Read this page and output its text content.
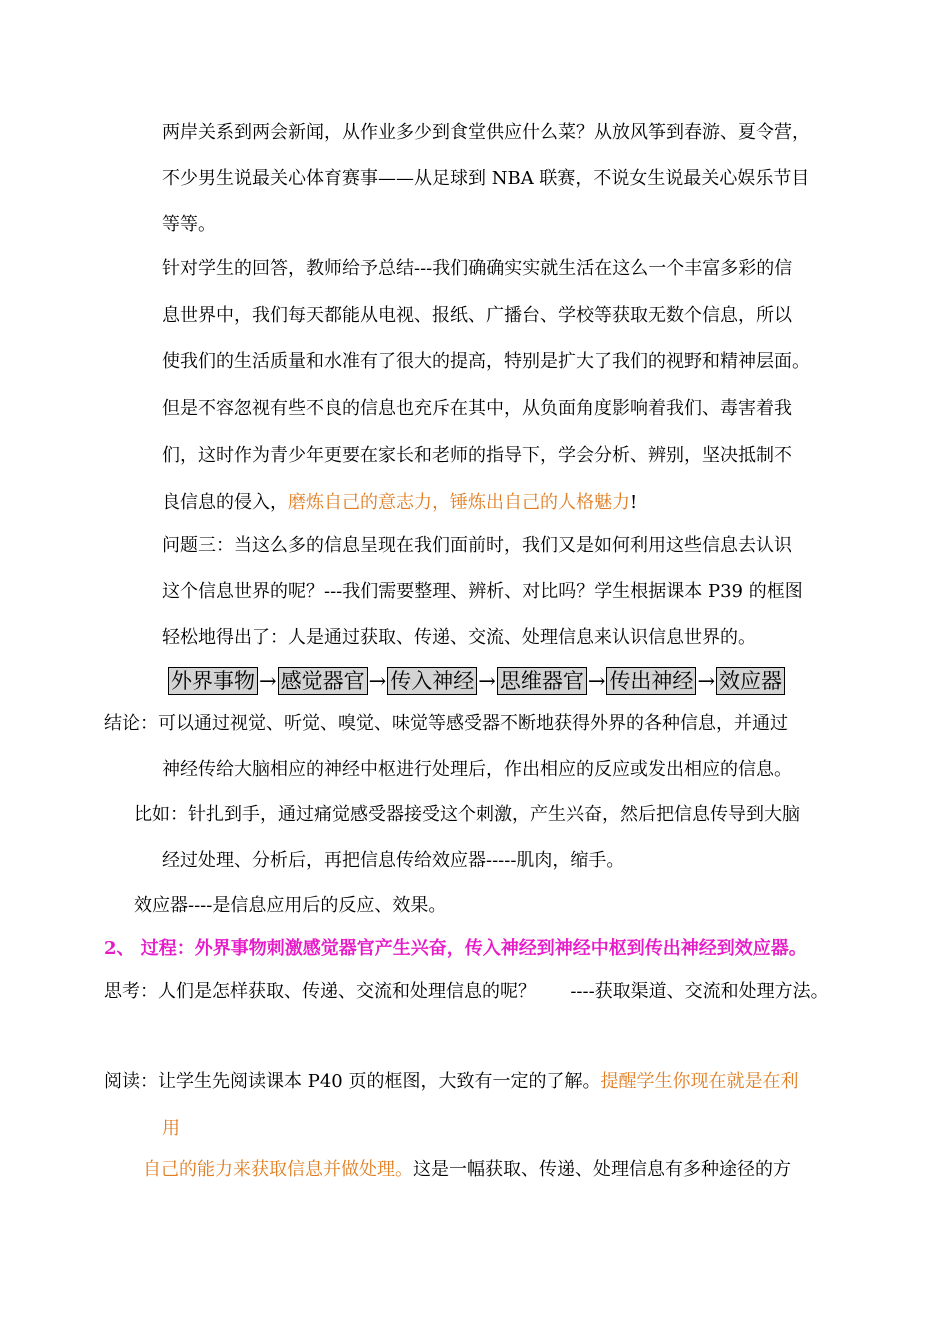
两岸关系到两会新闻，从作业多少到食堂供应什么菜？从放风筝到春游、夏令营，
不少男生说最关心体育赛事——从足球到 NBA 联赛，不说女生说最关心娱乐节目
等等。
针对学生的回答，教师给予总结---我们确确实实就生活在这么一个丰富多彩的信
息世界中，我们每天都能从电视、报纸、广播台、学校等获取无数个信息，所以
使我们的生活质量和水准有了很大的提高，特别是扩大了我们的视野和精神层面。
但是不容忽视有些不良的信息也充斥在其中，从负面角度影响着我们、毒害着我
们，这时作为青少年更要在家长和老师的指导下，学会分析、辨别，坚决抵制不
良信息的侵入，磨炼自己的意志力，锤炼出自己的人格魅力!
问题三：当这么多的信息呈现在我们面前时，我们又是如何利用这些信息去认识
这个信息世界的呢？---我们需要整理、辨析、对比吗？学生根据课本 P39 的框图
轻松地得出了：人是通过获取、传递、交流、处理信息来认识信息世界的。
外界事物 → 感觉器官 → 传入神经 → 思维器官 → 传出神经 → 效应器
结论：可以通过视觉、听觉、嗅觉、味觉等感受器不断地获得外界的各种信息，并通过
神经传给大脑相应的神经中枢进行处理后，作出相应的反应或发出相应的信息。
比如：针扎到手，通过痛觉感受器接受这个刺激，产生兴奋，然后把信息传导到大脑
经过处理、分析后，再把信息传给效应器-----肌肉，缩手。
效应器----是信息应用后的反应、效果。
2、 过程：外界事物刺激感觉器官产生兴奋，传入神经到神经中枢到传出神经到效应器。
思考：人们是怎样获取、传递、交流和处理信息的呢？      ----获取渠道、交流和处理方法。
阅读：让学生先阅读课本 P40 页的框图，大致有一定的了解。提醒学生你现在就是在利
用
自己的能力来获取信息并做处理。这是一幅获取、传递、处理信息有多种途径的方
